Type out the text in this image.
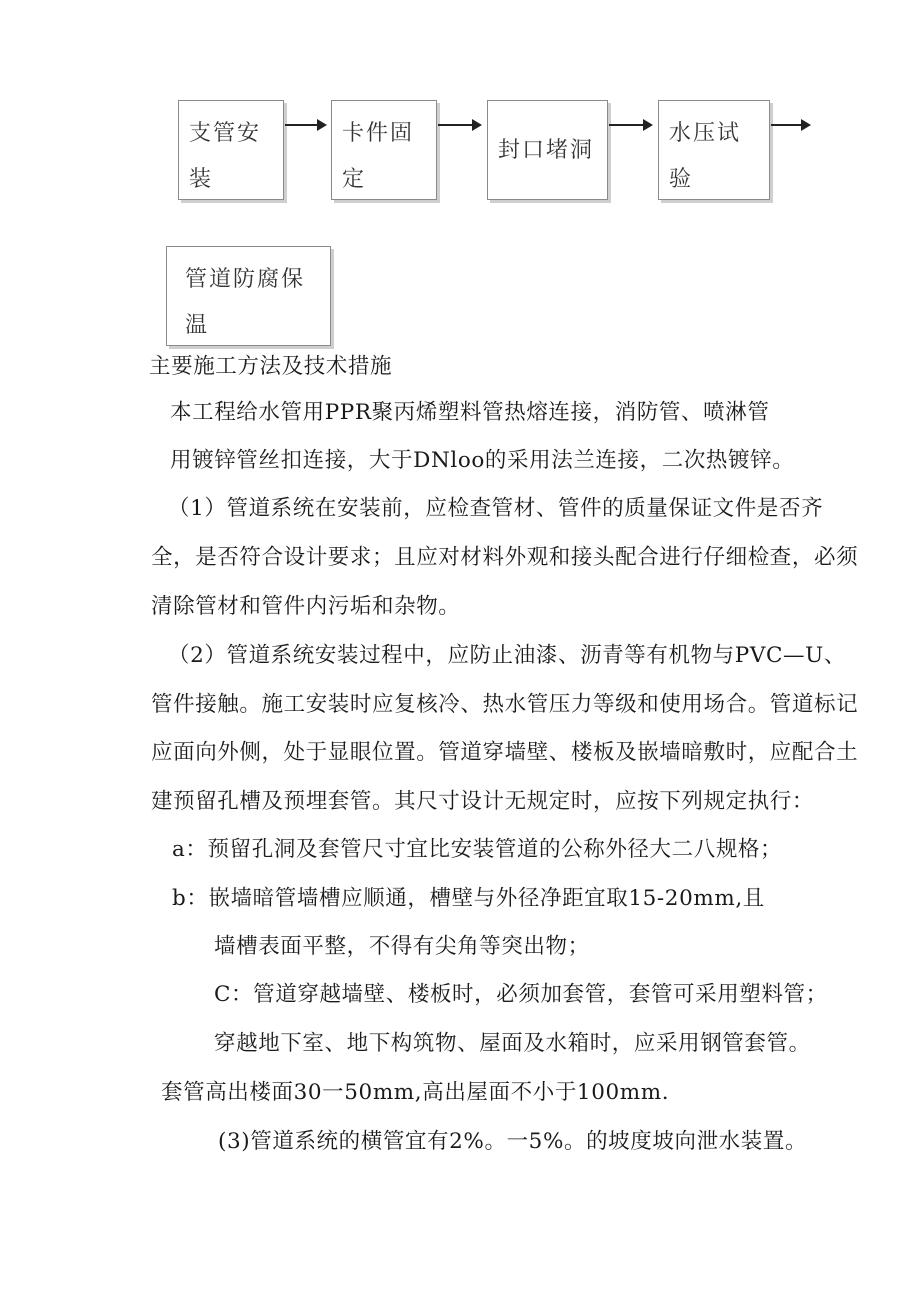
支管安装
卡件固定
封口堵洞
水压试验
管道防腐保温
主要施工方法及技术措施
本工程给水管用PPR聚丙烯塑料管热熔连接，消防管、喷淋管
用镀锌管丝扣连接，大于DNloo的采用法兰连接，二次热镀锌。
（1）管道系统在安装前，应检查管材、管件的质量保证文件是否齐
全，是否符合设计要求；且应对材料外观和接头配合进行仔细检查，必须
清除管材和管件内污垢和杂物。
（2）管道系统安装过程中，应防止油漆、沥青等有机物与PVC—U、
管件接触。施工安装时应复核冷、热水管压力等级和使用场合。管道标记
应面向外侧，处于显眼位置。管道穿墙壁、楼板及嵌墙暗敷时，应配合土
建预留孔槽及预埋套管。其尺寸设计无规定时，应按下列规定执行：
a：预留孔洞及套管尺寸宜比安装管道的公称外径大二八规格；
b：嵌墙暗管墙槽应顺通，槽壁与外径净距宜取15-20mm,且
墙槽表面平整，不得有尖角等突出物；
C：管道穿越墙壁、楼板时，必须加套管，套管可采用塑料管；
穿越地下室、地下构筑物、屋面及水箱时，应采用钢管套管。
套管高出楼面30一50mm,高出屋面不小于100mm.
(3)管道系统的横管宜有2%。一5%。的坡度坡向泄水装置。
